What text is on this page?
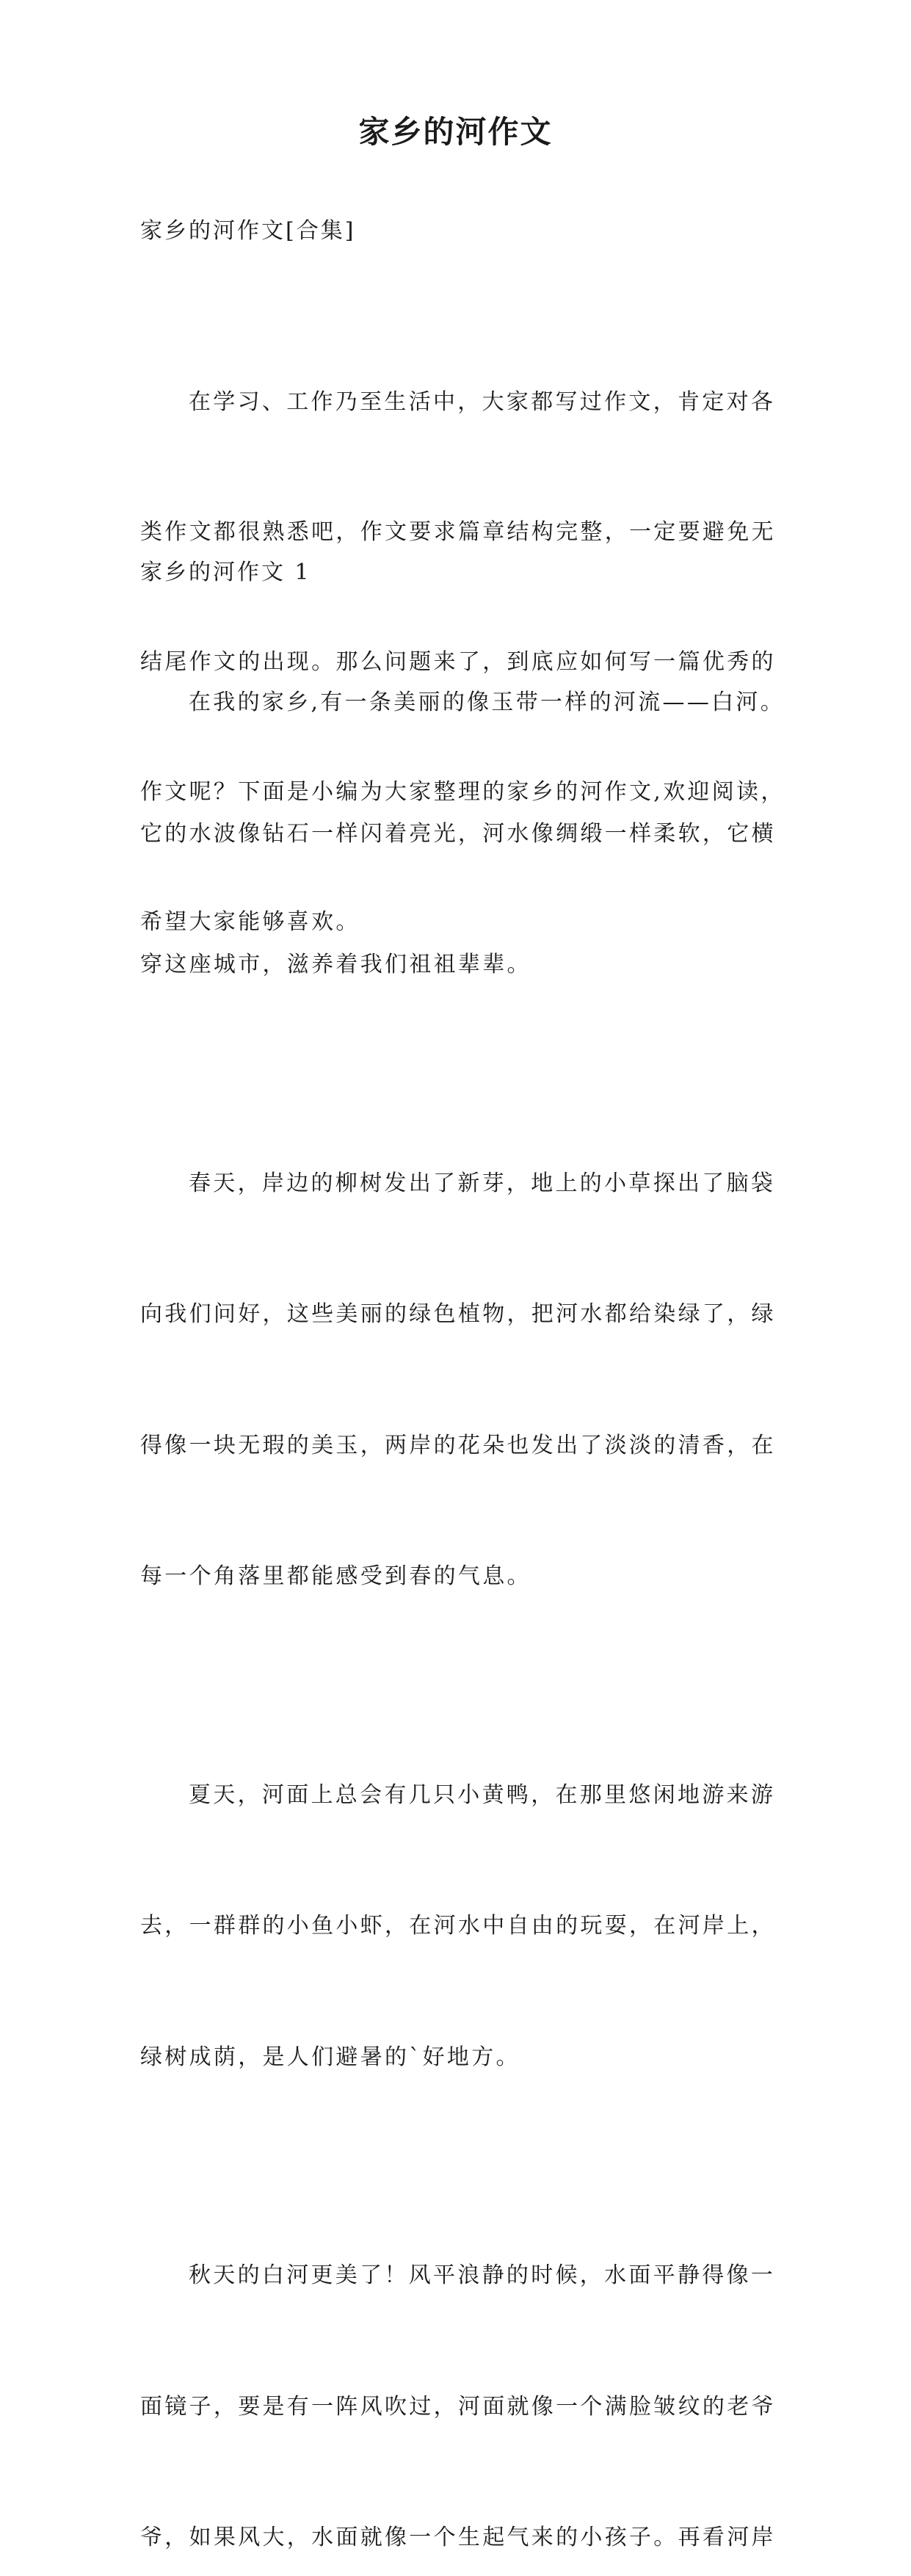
家乡的河作文
家乡的河作文[合集]

在学习、工作乃至生活中，大家都写过作文，肯定对各

类作文都很熟悉吧，作文要求篇章结构完整，一定要避免无

结尾作文的出现。那么问题来了，到底应如何写一篇优秀的

作文呢？下面是小编为大家整理的家乡的河作文,欢迎阅读，

希望大家能够喜欢。

家乡的河作文 1

在我的家乡,有一条美丽的像玉带一样的河流——白河。

它的水波像钻石一样闪着亮光，河水像绸缎一样柔软，它横

穿这座城市，滋养着我们祖祖辈辈。

春天，岸边的柳树发出了新芽，地上的小草探出了脑袋

向我们问好，这些美丽的绿色植物，把河水都给染绿了，绿

得像一块无瑕的美玉，两岸的花朵也发出了淡淡的清香，在

每一个角落里都能感受到春的气息。

夏天，河面上总会有几只小黄鸭，在那里悠闲地游来游

去，一群群的小鱼小虾，在河水中自由的玩耍，在河岸上，

绿树成荫，是人们避暑的`好地方。

秋天的白河更美了！风平浪静的时候，水面平静得像一

面镜子，要是有一阵风吹过，河面就像一个满脸皱纹的老爷

爷，如果风大，水面就像一个生起气来的小孩子。再看河岸
